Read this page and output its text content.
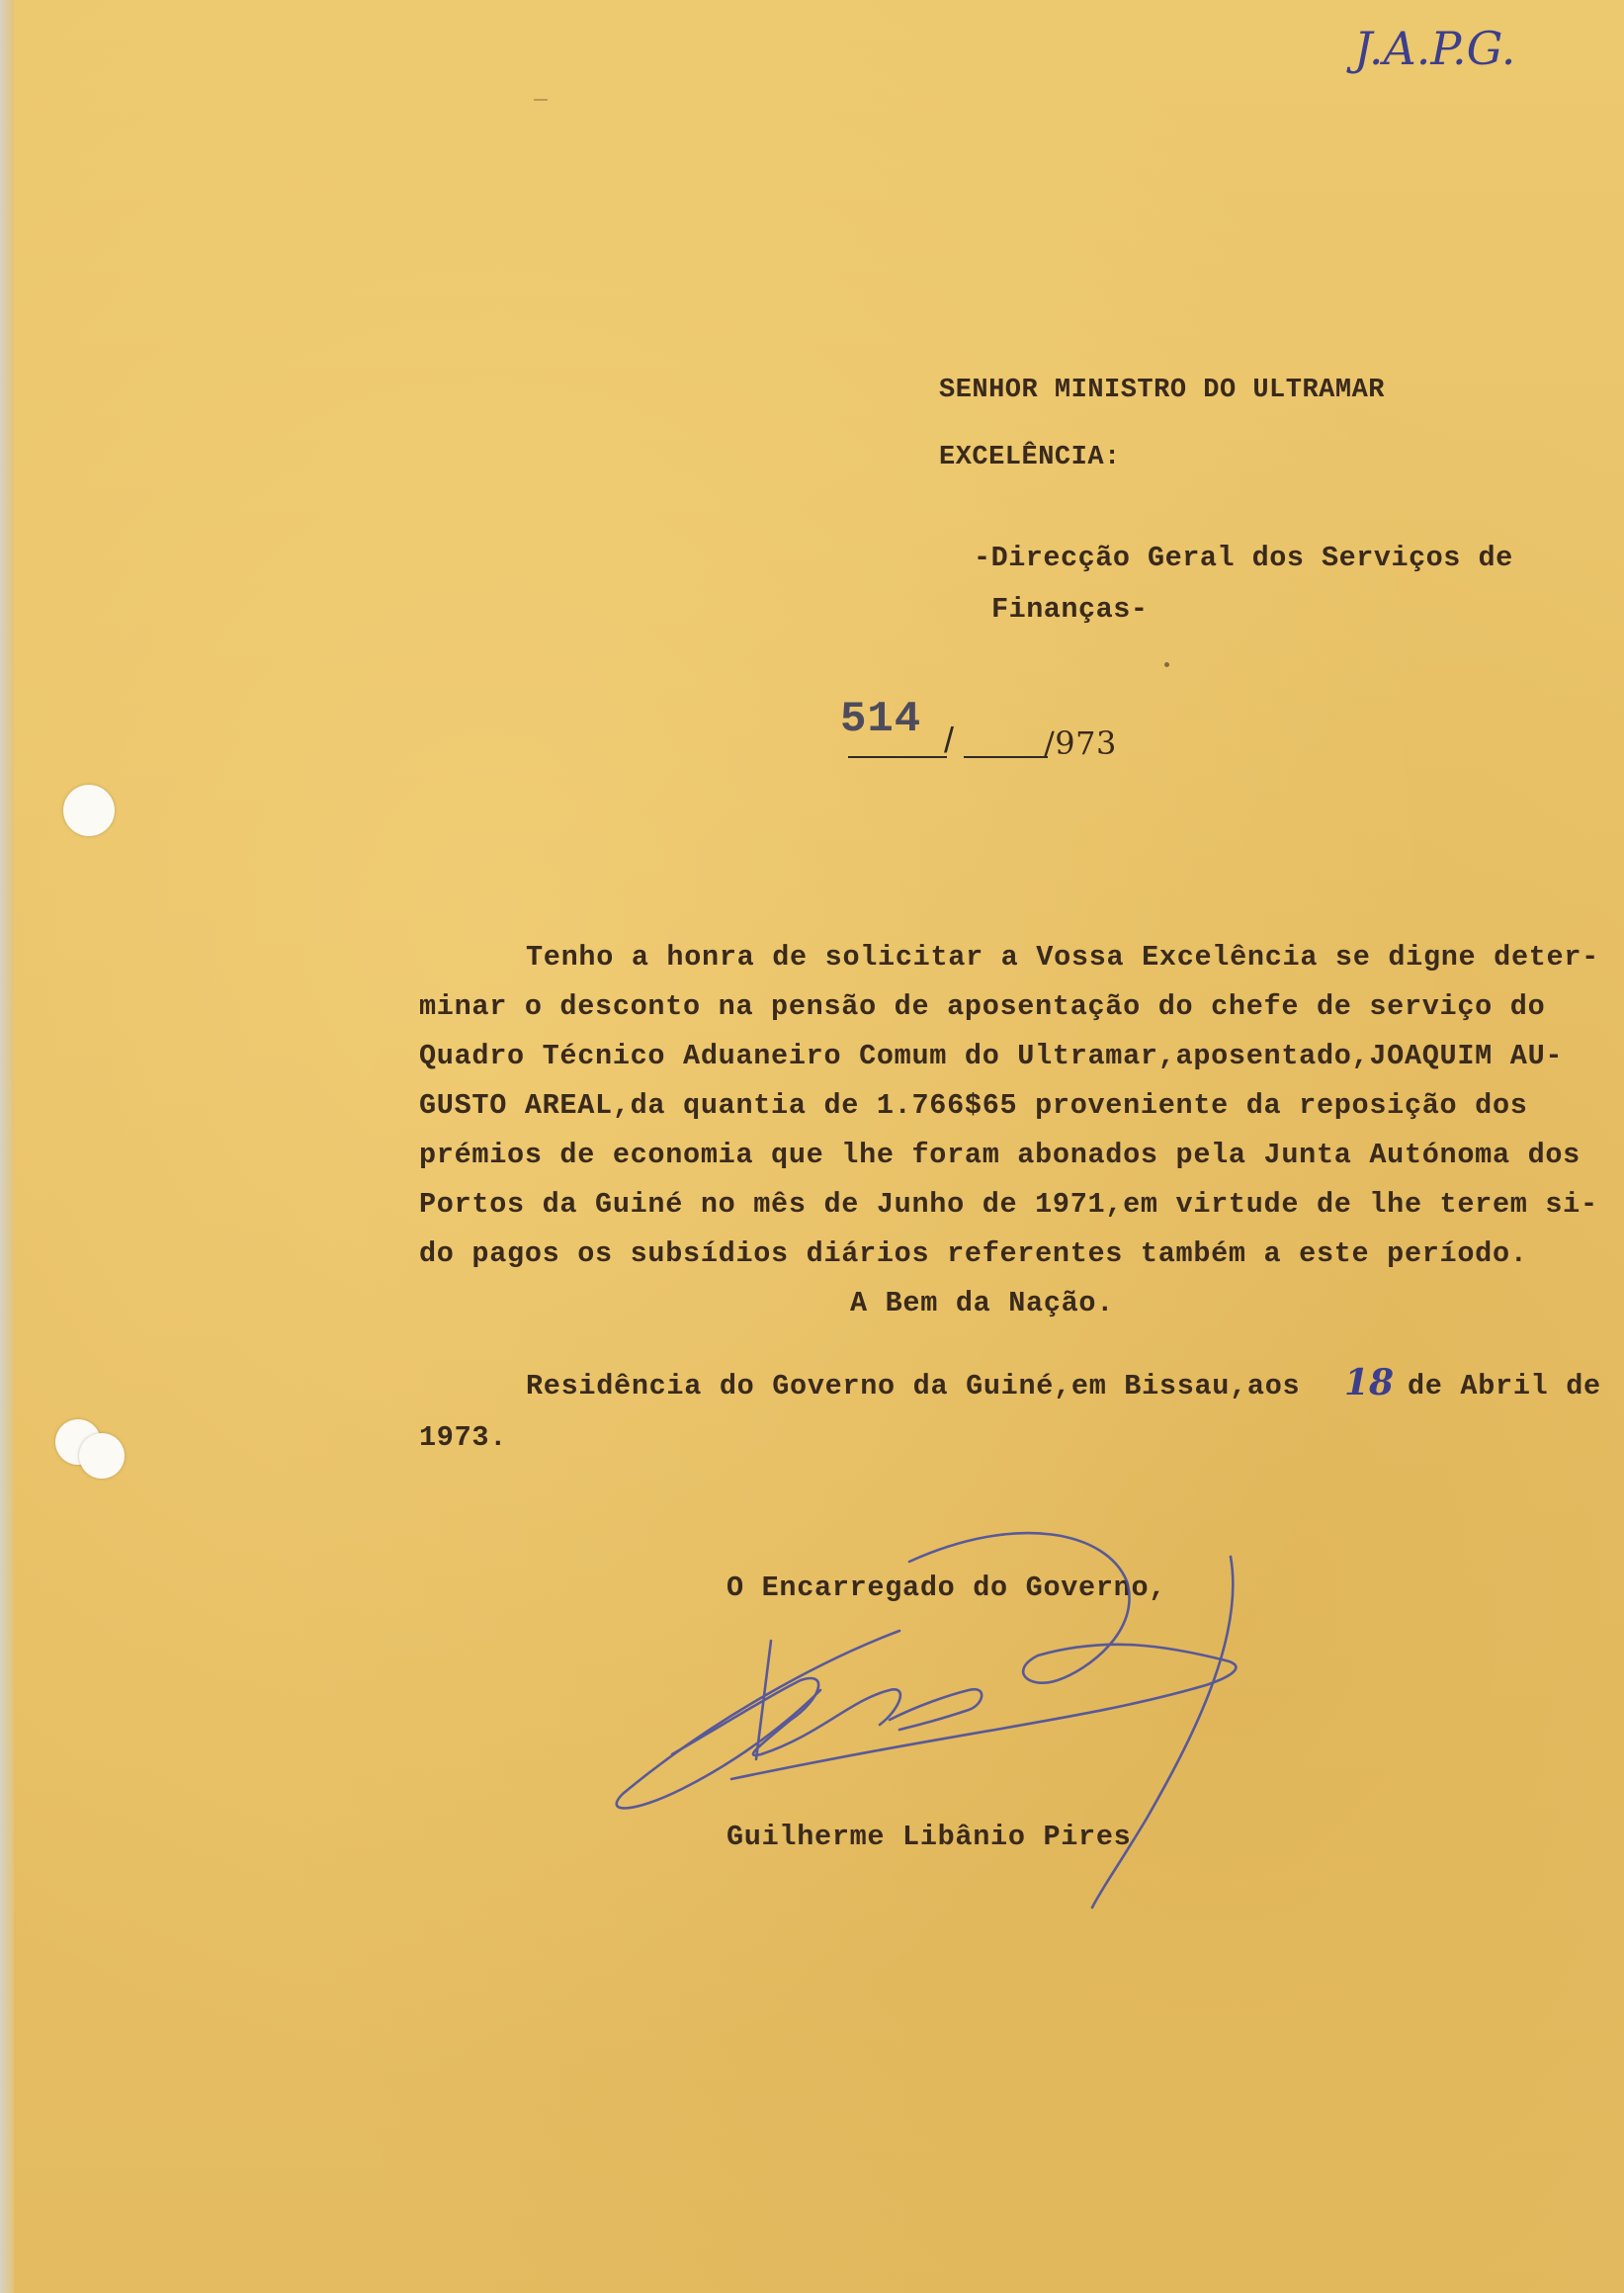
J.A.P.G.
SENHOR MINISTRO DO ULTRAMAR
EXCELÊNCIA:
-Direcção Geral dos Serviços de
Finanças-
514 /	/973
Tenho a honra de solicitar a Vossa Excelência se digne deter-
minar o desconto na pensão de aposentação do chefe de serviço do
Quadro Técnico Aduaneiro Comum do Ultramar,aposentado,JOAQUIM AU-
GUSTO AREAL,da quantia de 1.766$65 proveniente da reposição dos
prémios de economia que lhe foram abonados pela Junta Autónoma dos
Portos da Guiné no mês de Junho de 1971,em virtude de lhe terem si-
do pagos os subsídios diários referentes também a este período.
A Bem da Nação.
Residência do Governo da Guiné,em Bissau,aos 18 de Abril de
1973.
O Encarregado do Governo,
Guilherme Libânio Pires
